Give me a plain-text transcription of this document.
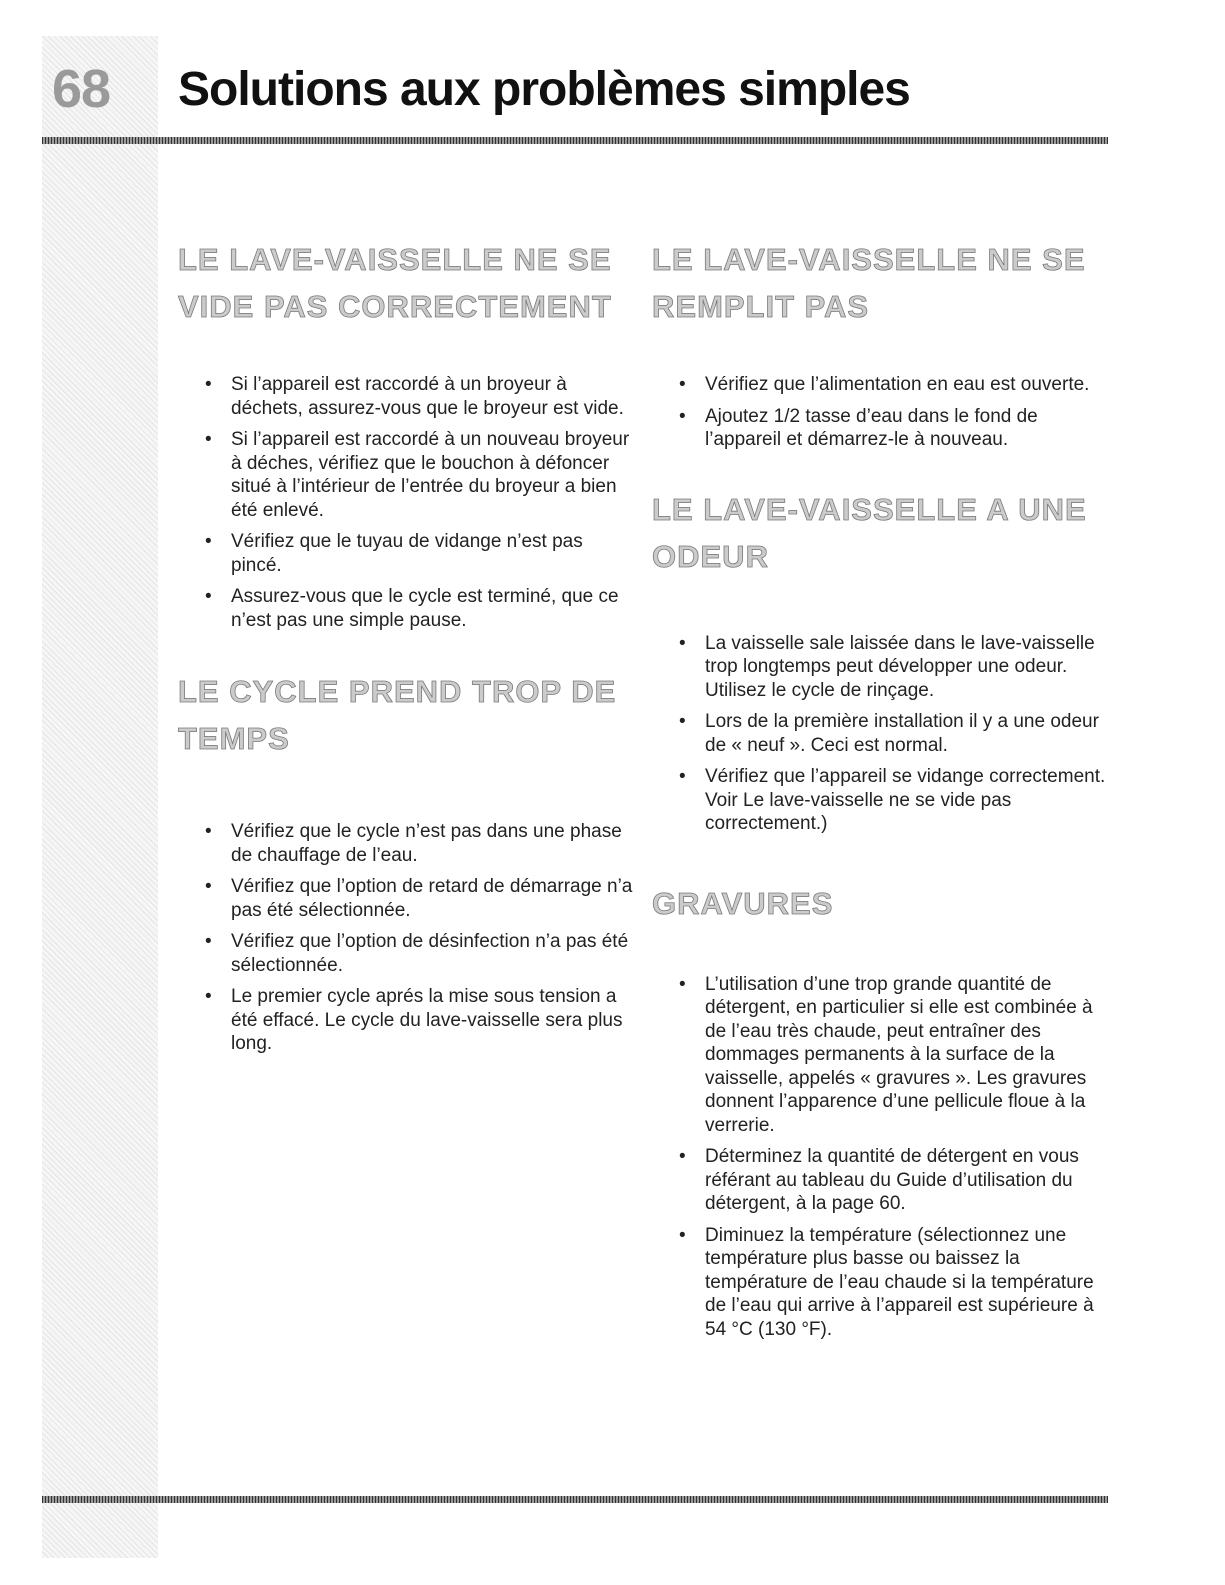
68 Solutions aux problèmes simples
LE LAVE-VAISSELLE NE SE VIDE PAS CORRECTEMENT
• Si l’appareil est raccordé à un broyeur à déchets, assurez-vous que le broyeur est vide.
• Si l’appareil est raccordé à un nouveau broyeur à déches, vérifiez que le bouchon à défoncer situé à l’intérieur de l’entrée du broyeur a bien été enlevé.
• Vérifiez que le tuyau de vidange n’est pas pincé.
• Assurez-vous que le cycle est terminé, que ce n’est pas une simple pause.
LE CYCLE PREND TROP DE TEMPS
• Vérifiez que le cycle n’est pas dans une phase de chauffage de l’eau.
• Vérifiez que l’option de retard de démarrage n’a pas été sélectionnée.
• Vérifiez que l’option de désinfection n’a pas été sélectionnée.
• Le premier cycle aprés la mise sous tension a été effacé. Le cycle du lave-vaisselle sera plus long.
LE LAVE-VAISSELLE NE SE REMPLIT PAS
• Vérifiez que l’alimentation en eau est ouverte.
• Ajoutez 1/2 tasse d’eau dans le fond de l’appareil et démarrez-le à nouveau.
LE LAVE-VAISSELLE A UNE ODEUR
• La vaisselle sale laissée dans le lave-vaisselle trop longtemps peut développer une odeur. Utilisez le cycle de rinçage.
• Lors de la première installation il y a une odeur de « neuf ». Ceci est normal.
• Vérifiez que l’appareil se vidange correctement. Voir Le lave-vaisselle ne se vide pas correctement.)
GRAVURES
• L’utilisation d’une trop grande quantité de détergent, en particulier si elle est combinée à de l’eau très chaude, peut entraîner des dommages permanents à la surface de la vaisselle, appelés « gravures ». Les gravures donnent l’apparence d’une pellicule floue à la verrerie.
• Déterminez la quantité de détergent en vous référant au tableau du Guide d’utilisation du détergent, à la page 60.
• Diminuez la température (sélectionnez une température plus basse ou baissez la température de l’eau chaude si la température de l’eau qui arrive à l’appareil est supérieure à 54 °C (130 °F).
